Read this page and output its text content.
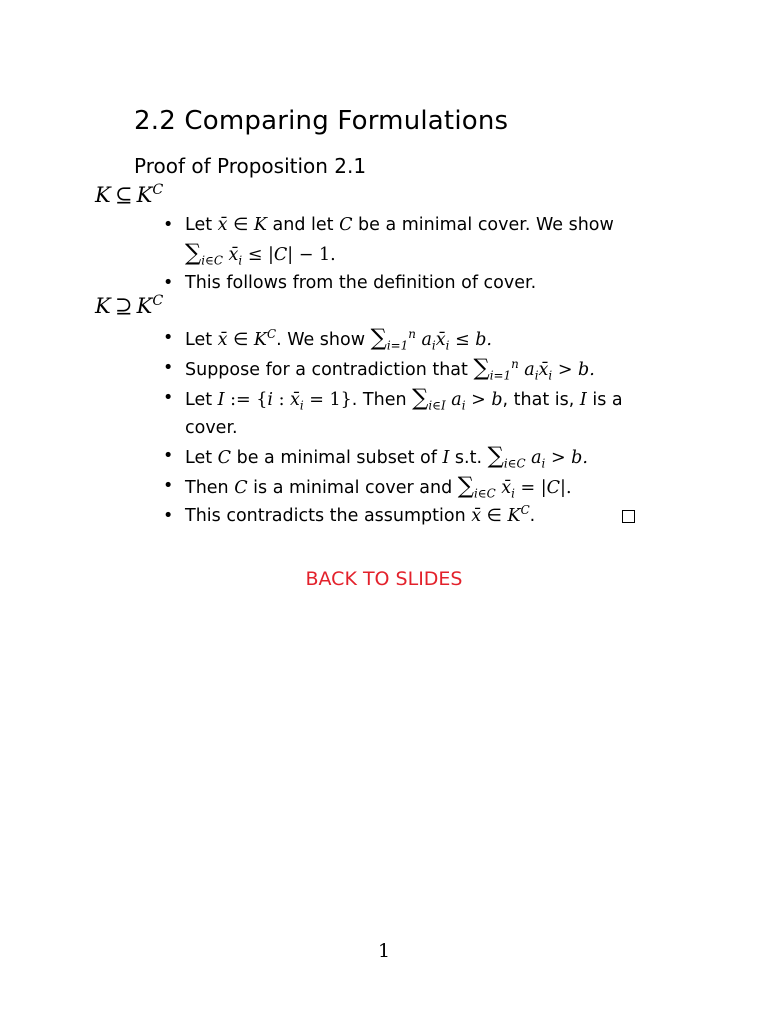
2.2 Comparing Formulations
Proof of Proposition 2.1
K ⊆ $K^C$
• Let x̄ ∈ K and let C be a minimal cover. We show $\sum_{i\in C}$ $x̄_i \le |C| - 1$.
• This follows from the definition of cover.
K ⊇ $K^C$
• Let x̄ ∈ $K^C$. We show $\sum_{i=1}^n$ $a_ix̄_i \le b$.
• Suppose for a contradiction that $\sum_{i=1}^n$ $a_ix̄_i > b$.
• Let I := {i : $x̄_i = 1$}. Then $\sum_{i\in I}$ $a_i > b$, that is, I is a cover.
• Let C be a minimal subset of I s.t. $\sum_{i\in C}$ $a_i > b$.
• Then C is a minimal cover and $\sum_{i\in C}$ $x̄_i = |C|$.
• This contradicts the assumption x̄ ∈ $K^C$.
BACK TO SLIDES
1
